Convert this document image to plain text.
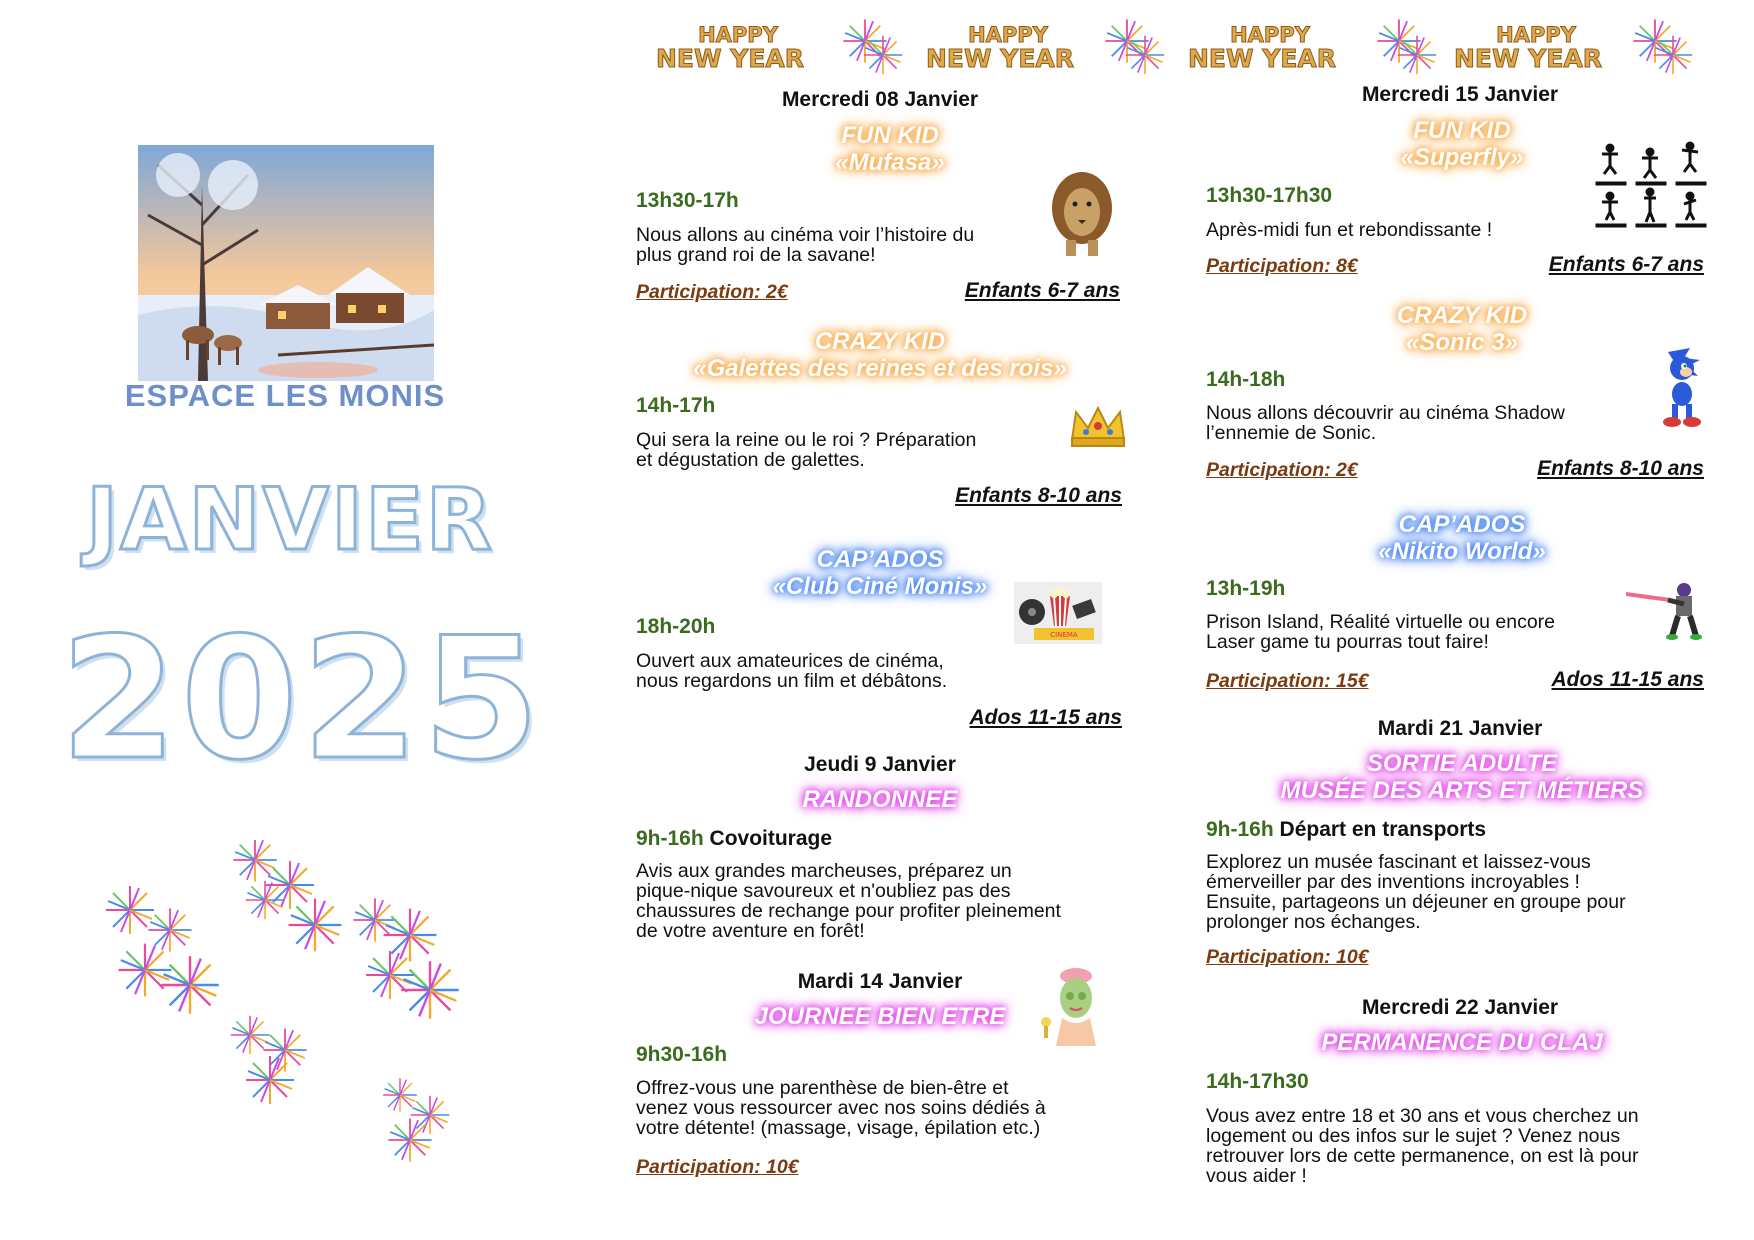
ESPACE LES MONIS
JANVIER
2025
HAPPY
NEW YEAR
HAPPY
NEW YEAR
HAPPY
NEW YEAR
HAPPY
NEW YEAR
Mercredi 08 Janvier
FUN KID
«Mufasa»
13h30-17h
Nous allons au cinéma voir l’histoire du
plus grand roi de la savane!
Participation: 2€	Enfants 6-7 ans
CRAZY KID
«Galettes des reines et des rois»
14h-17h
Qui sera la reine ou le roi ? Préparation
et dégustation de galettes.
Enfants 8-10 ans
CAP’ADOS
«Club Ciné Monis»
CINEMA
18h-20h
Ouvert aux amateurices de cinéma,
nous regardons un film et débâtons.
Ados 11-15 ans
Jeudi 9 Janvier
RANDONNEE
9h-16h Covoiturage
Avis aux grandes marcheuses, préparez un
pique-nique savoureux et n'oubliez pas des
chaussures de rechange pour profiter pleinement
de votre aventure en forêt!
Mardi 14 Janvier
JOURNEE BIEN ETRE
9h30-16h
Offrez-vous une parenthèse de bien-être et
venez vous ressourcer avec nos soins dédiés à
votre détente! (massage, visage, épilation etc.)
Participation: 10€
Mercredi 15 Janvier
FUN KID
«Superfly»
13h30-17h30
Après-midi fun et rebondissante !
Participation: 8€	Enfants 6-7 ans
CRAZY KID
«Sonic 3»
14h-18h
Nous allons découvrir au cinéma Shadow
l’ennemie de Sonic.
Participation: 2€	Enfants 8-10 ans
CAP’ADOS
«Nikito World»
13h-19h
Prison Island, Réalité virtuelle ou encore
Laser game tu pourras tout faire!
Participation: 15€	Ados 11-15 ans
Mardi 21 Janvier
SORTIE ADULTE
MUSÉE DES ARTS ET MÉTIERS
9h-16h Départ en transports
Explorez un musée fascinant et laissez-vous
émerveiller par des inventions incroyables !
Ensuite, partageons un déjeuner en groupe pour
prolonger nos échanges.
Participation: 10€
Mercredi 22 Janvier
PERMANENCE DU CLAJ
14h-17h30
Vous avez entre 18 et 30 ans et vous cherchez un
logement ou des infos sur le sujet ? Venez nous
retrouver lors de cette permanence, on est là pour
vous aider !
